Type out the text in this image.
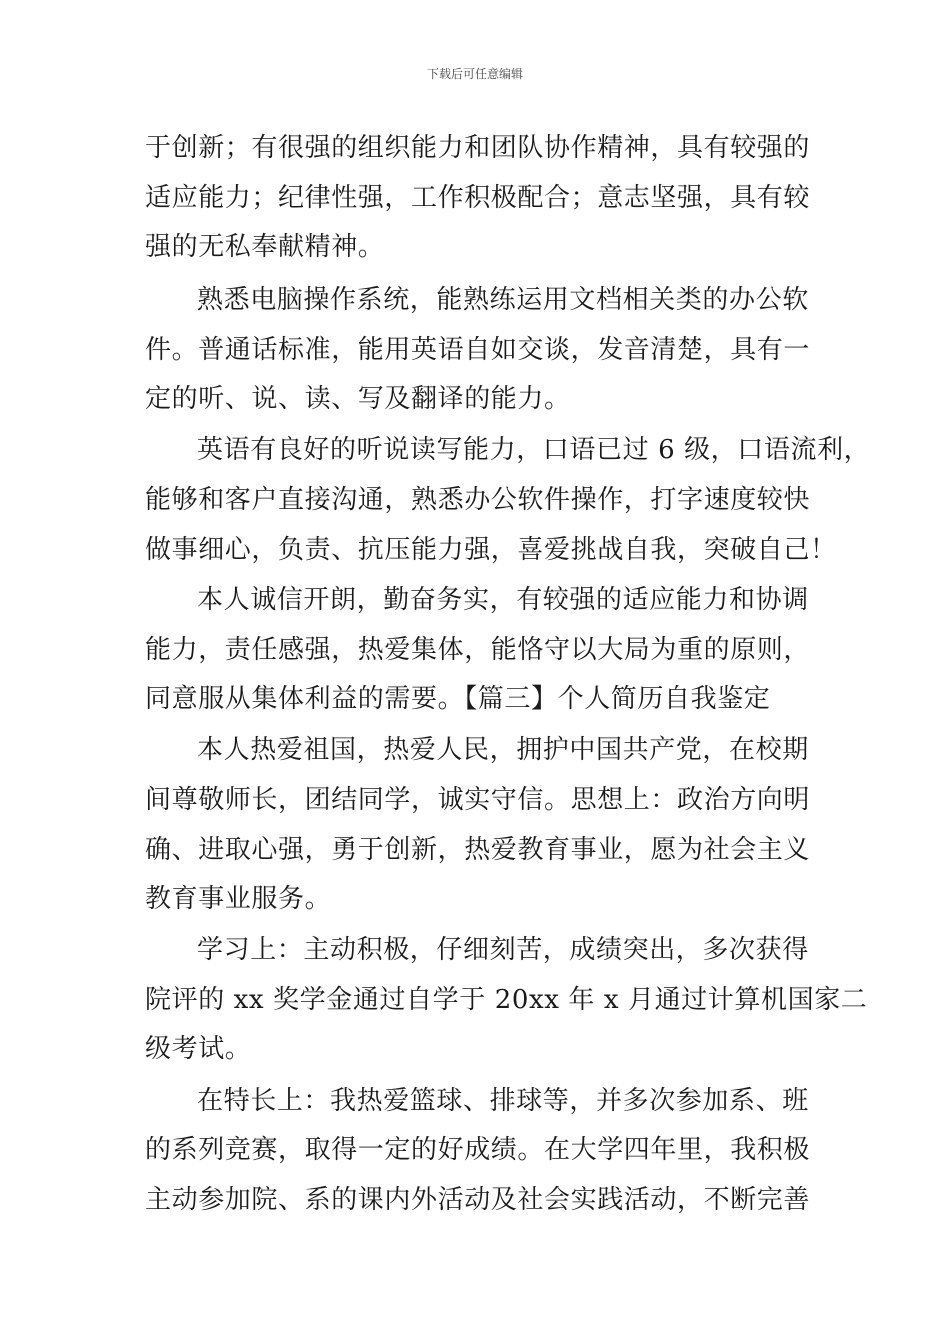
下载后可任意编辑
于创新；有很强的组织能力和团队协作精神，具有较强的
适应能力；纪律性强，工作积极配合；意志坚强，具有较
强的无私奉献精神。
熟悉电脑操作系统，能熟练运用文档相关类的办公软
件。普通话标准，能用英语自如交谈，发音清楚，具有一
定的听、说、读、写及翻译的能力。
英语有良好的听说读写能力，口语已过 6 级，口语流利，
能够和客户直接沟通，熟悉办公软件操作，打字速度较快
做事细心，负责、抗压能力强，喜爱挑战自我，突破自己！
本人诚信开朗，勤奋务实，有较强的适应能力和协调
能力，责任感强，热爱集体，能恪守以大局为重的原则，
同意服从集体利益的需要。【篇三】个人简历自我鉴定
本人热爱祖国，热爱人民，拥护中国共产党，在校期
间尊敬师长，团结同学，诚实守信。思想上：政治方向明
确、进取心强，勇于创新，热爱教育事业，愿为社会主义
教育事业服务。
学习上：主动积极，仔细刻苦，成绩突出，多次获得
院评的 xx 奖学金通过自学于 20xx 年 x 月通过计算机国家二
级考试。
在特长上：我热爱篮球、排球等，并多次参加系、班
的系列竞赛，取得一定的好成绩。在大学四年里，我积极
主动参加院、系的课内外活动及社会实践活动，不断完善
